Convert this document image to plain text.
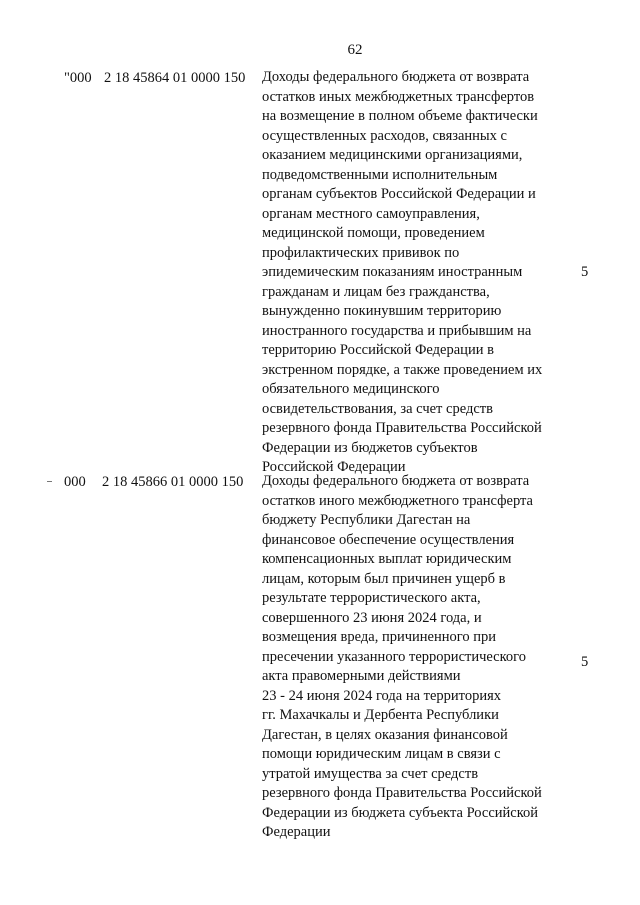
62
"000 2 18 45864 01 0000 150 Доходы федерального бюджета от возврата
остатков иных межбюджетных трансфертов
на возмещение в полном объеме фактически
осуществленных расходов, связанных с
оказанием медицинскими организациями,
подведомственными исполнительным
органам субъектов Российской Федерации и
органам местного самоуправления,
медицинской помощи, проведением
профилактических прививок по
эпидемическим показаниям иностранным
гражданам и лицам без гражданства,
вынужденно покинувшим территорию
иностранного государства и прибывшим на
территорию Российской Федерации в
экстренном порядке, а также проведением их
обязательного медицинского
освидетельствования, за счет средств
резервного фонда Правительства Российской
Федерации из бюджетов субъектов
Российской Федерации
5
000 2 18 45866 01 0000 150 Доходы федерального бюджета от возврата
остатков иного межбюджетного трансферта
бюджету Республики Дагестан на
финансовое обеспечение осуществления
компенсационных выплат юридическим
лицам, которым был причинен ущерб в
результате террористического акта,
совершенного 23 июня 2024 года, и
возмещения вреда, причиненного при
пресечении указанного террористического
акта правомерными действиями
23 - 24 июня 2024 года на территориях
гг. Махачкалы и Дербента Республики
Дагестан, в целях оказания финансовой
помощи юридическим лицам в связи с
утратой имущества за счет средств
резервного фонда Правительства Российской
Федерации из бюджета субъекта Российской
Федерации
5
